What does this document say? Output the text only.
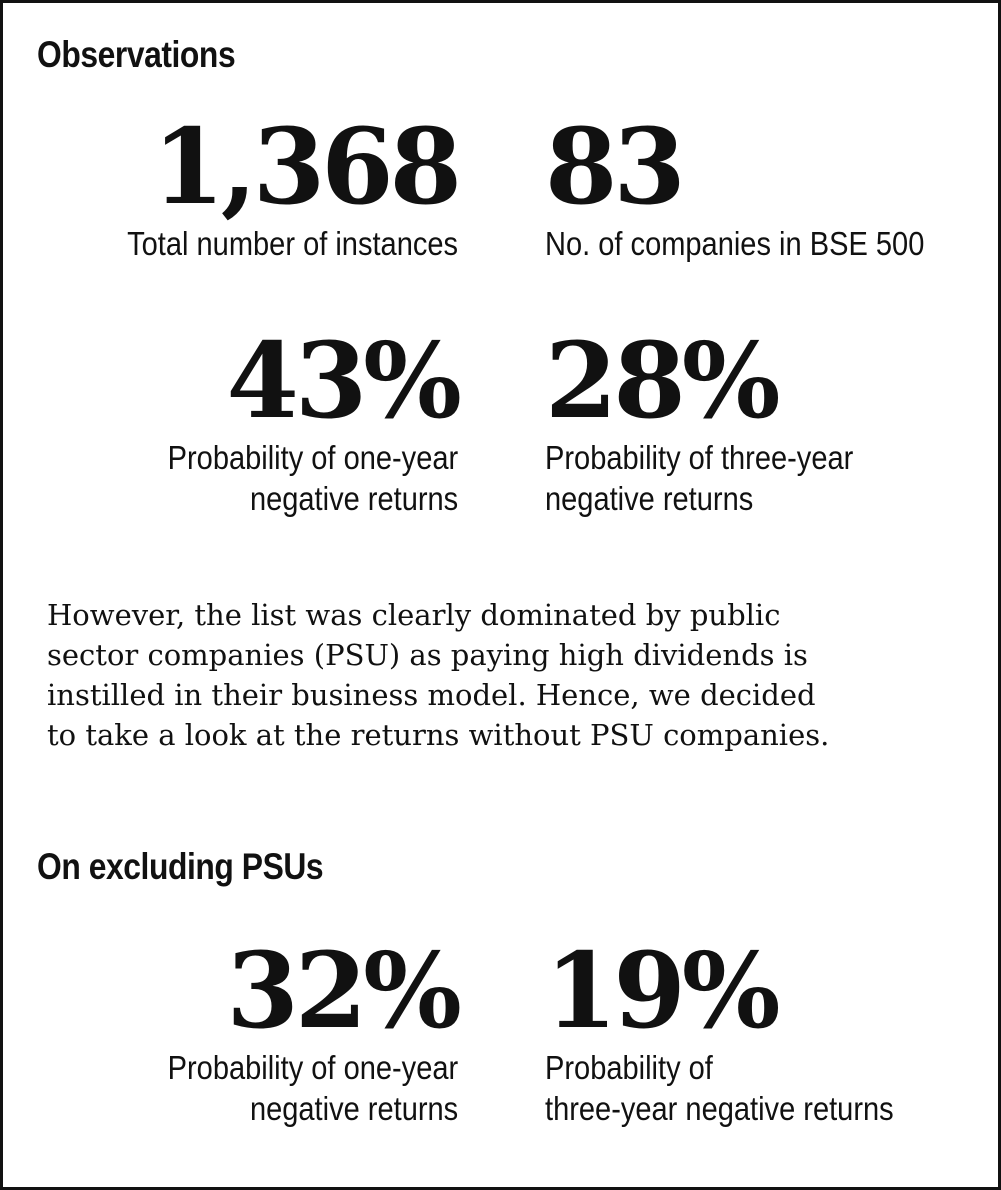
Observations
1,368
Total number of instances
83
No. of companies in BSE 500
43%
Probability of one-year
negative returns
28%
Probability of three-year
negative returns
However, the list was clearly dominated by public
sector companies (PSU) as paying high dividends is
instilled in their business model. Hence, we decided
to take a look at the returns without PSU companies.
On excluding PSUs
32%
Probability of one-year
negative returns
19%
Probability of
three-year negative returns
